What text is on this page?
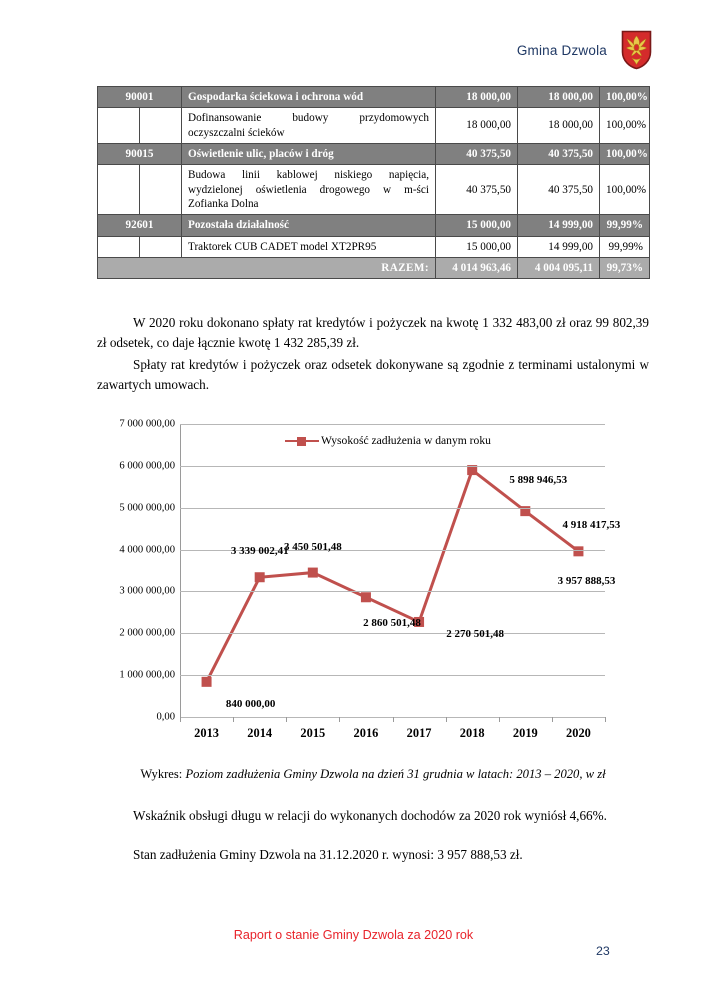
Gmina Dzwola
90001		Gospodarka ściekowa i ochrona wód	18 000,00	18 000,00	100,00%
		Dofinansowanie budowy przydomowych oczyszczalni ścieków	18 000,00	18 000,00	100,00%
90015		Oświetlenie ulic, placów i dróg	40 375,50	40 375,50	100,00%
		Budowa linii kablowej niskiego napięcia, wydzielonej oświetlenia drogowego w m-ści Zofianka Dolna	40 375,50	40 375,50	100,00%
92601		Pozostała działalność	15 000,00	14 999,00	99,99%
		Traktorek CUB CADET model XT2PR95	15 000,00	14 999,00	99,99%
RAZEM:			4 014 963,46	4 004 095,11	99,73%
W 2020 roku dokonano spłaty rat kredytów i pożyczek na kwotę 1 332 483,00 zł oraz 99 802,39 zł odsetek, co daje łącznie kwotę 1 432 285,39 zł.
Spłaty rat kredytów i pożyczek oraz odsetek dokonywane są zgodnie z terminami ustalonymi w zawartych umowach.
7 000 000,00
6 000 000,00
5 000 000,00
4 000 000,00
3 000 000,00
2 000 000,00
1 000 000,00
0,00
2013 2014 2015 2016 2017 2018 2019 2020
840 000,00
3 339 002,41
3 450 501,48
2 860 501,48
2 270 501,48
5 898 946,53
4 918 417,53
3 957 888,53
Wysokość zadłużenia w danym roku
Wykres: Poziom zadłużenia Gminy Dzwola na dzień 31 grudnia w latach: 2013 – 2020, w zł
Wskaźnik obsługi długu w relacji do wykonanych dochodów za 2020 rok wyniósł 4,66%.
Stan zadłużenia Gminy Dzwola na 31.12.2020 r. wynosi: 3 957 888,53 zł.
Raport o stanie Gminy Dzwola za 2020 rok
23
